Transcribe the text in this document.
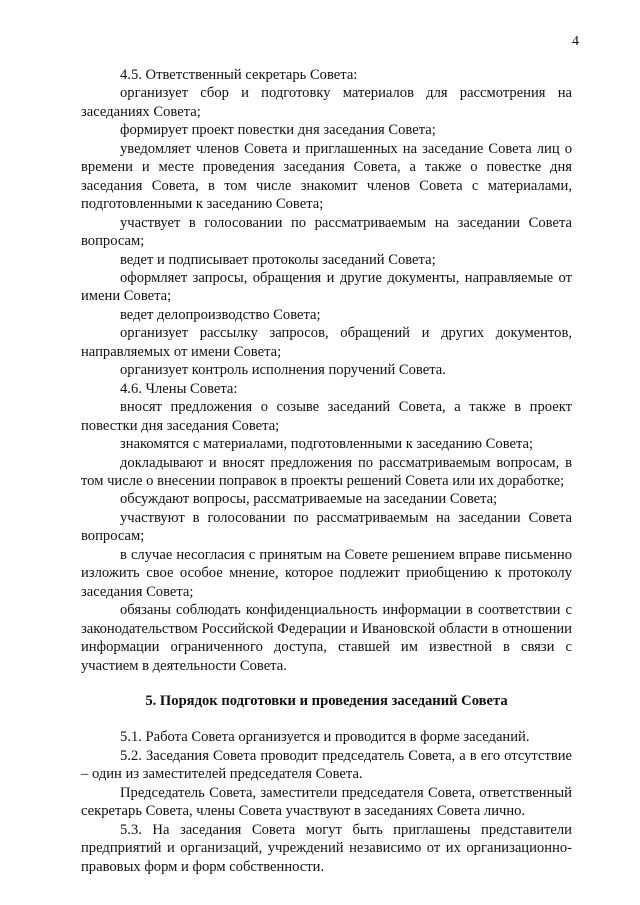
4

4.5. Ответственный секретарь Совета:

организует сбор и подготовку материалов для рассмотрения на заседаниях Совета;

формирует проект повестки дня заседания Совета;

уведомляет членов Совета и приглашенных на заседание Совета лиц о времени и месте проведения заседания Совета, а также о повестке дня заседания Совета, в том числе знакомит членов Совета с материалами, подготовленными к заседанию Совета;

участвует в голосовании по рассматриваемым на заседании Совета вопросам;

ведет и подписывает протоколы заседаний Совета;

оформляет запросы, обращения и другие документы, направляемые от имени Совета;

ведет делопроизводство Совета;

организует рассылку запросов, обращений и других документов, направляемых от имени Совета;

организует контроль исполнения поручений Совета.

4.6. Члены Совета:

вносят предложения о созыве заседаний Совета, а также в проект повестки дня заседания Совета;

знакомятся с материалами, подготовленными к заседанию Совета;

докладывают и вносят предложения по рассматриваемым вопросам, в том числе о внесении поправок в проекты решений Совета или их доработке;

обсуждают вопросы, рассматриваемые на заседании Совета;

участвуют в голосовании по рассматриваемым на заседании Совета вопросам;

в случае несогласия с принятым на Совете решением вправе письменно изложить свое особое мнение, которое подлежит приобщению к протоколу заседания Совета;

обязаны соблюдать конфиденциальность информации в соответствии с законодательством Российской Федерации и Ивановской области в отношении информации ограниченного доступа, ставшей им известной в связи с участием в деятельности Совета.

5. Порядок подготовки и проведения заседаний Совета

5.1. Работа Совета организуется и проводится в форме заседаний.

5.2. Заседания Совета проводит председатель Совета, а в его отсутствие – один из заместителей председателя Совета.

Председатель Совета, заместители председателя Совета, ответственный секретарь Совета, члены Совета участвуют в заседаниях Совета лично.

5.3. На заседания Совета могут быть приглашены представители предприятий и организаций, учреждений независимо от их организационно-правовых форм и форм собственности.
